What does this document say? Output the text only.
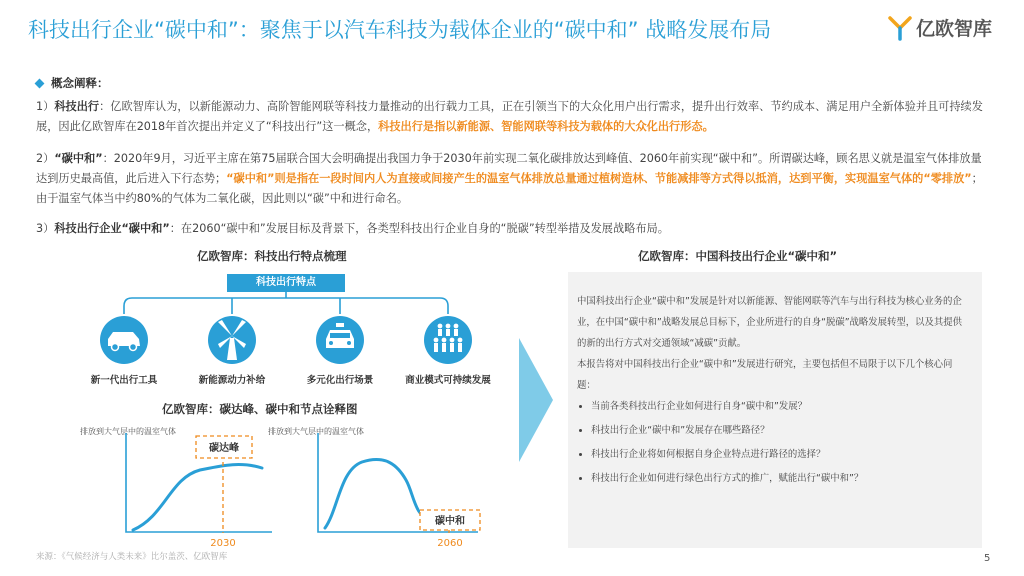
科技出行企业“碳中和”：聚焦于以汽车科技为载体企业的“碳中和” 战略发展布局	亿欧智库
概念阐释：
1）科技出行：亿欧智库认为，以新能源动力、高阶智能网联等科技力量推动的出行载力工具，正在引领当下的大众化用户出行需求，提升出行效率、节约成本、满足用户全新体验并且可持续发展，因此亿欧智库在2018年首次提出并定义了“科技出行”这一概念，科技出行是指以新能源、智能网联等科技为载体的大众化出行形态。
2）“碳中和”：2020年9月，习近平主席在第75届联合国大会明确提出我国力争于2030年前实现二氧化碳排放达到峰值、2060年前实现“碳中和”。所谓碳达峰，顾名思义就是温室气体排放量达到历史最高值，此后进入下行态势；“碳中和”则是指在一段时间内人为直接或间接产生的温室气体排放总量通过植树造林、节能减排等方式得以抵消，达到平衡，实现温室气体的“零排放”；由于温室气体当中约80%的气体为二氧化碳，因此则以“碳”中和进行命名。
3）科技出行企业“碳中和”：在2060“碳中和”发展目标及背景下，各类型科技出行企业自身的“脱碳”转型举措及发展战略布局。
亿欧智库：科技出行特点梳理
科技出行特点
新一代出行工具	新能源动力补给	多元化出行场景	商业模式可持续发展
亿欧智库：碳达峰、碳中和节点诠释图
排放到大气层中的温室气体	排放到大气层中的温室气体
碳达峰
2030
碳中和
2060
亿欧智库：中国科技出行企业“碳中和”

中国科技出行企业“碳中和”发展是针对以新能源、智能网联等汽车与出行科技为核心业务的企业，在中国“碳中和”战略发展总目标下，企业所进行的自身“脱碳”战略发展转型，以及其提供的新的出行方式对交通领域“减碳”贡献。

本报告将对中国科技出行企业“碳中和”发展进行研究，主要包括但不局限于以下几个核心问题：

• 当前各类科技出行企业如何进行自身“碳中和”发展？
• 科技出行企业“碳中和”发展存在哪些路径？
• 科技出行企业将如何根据自身企业特点进行路径的选择？
• 科技出行企业如何进行绿色出行方式的推广，赋能出行“碳中和”？
来源：《气候经济与人类未来》比尔盖茨、亿欧智库	5
